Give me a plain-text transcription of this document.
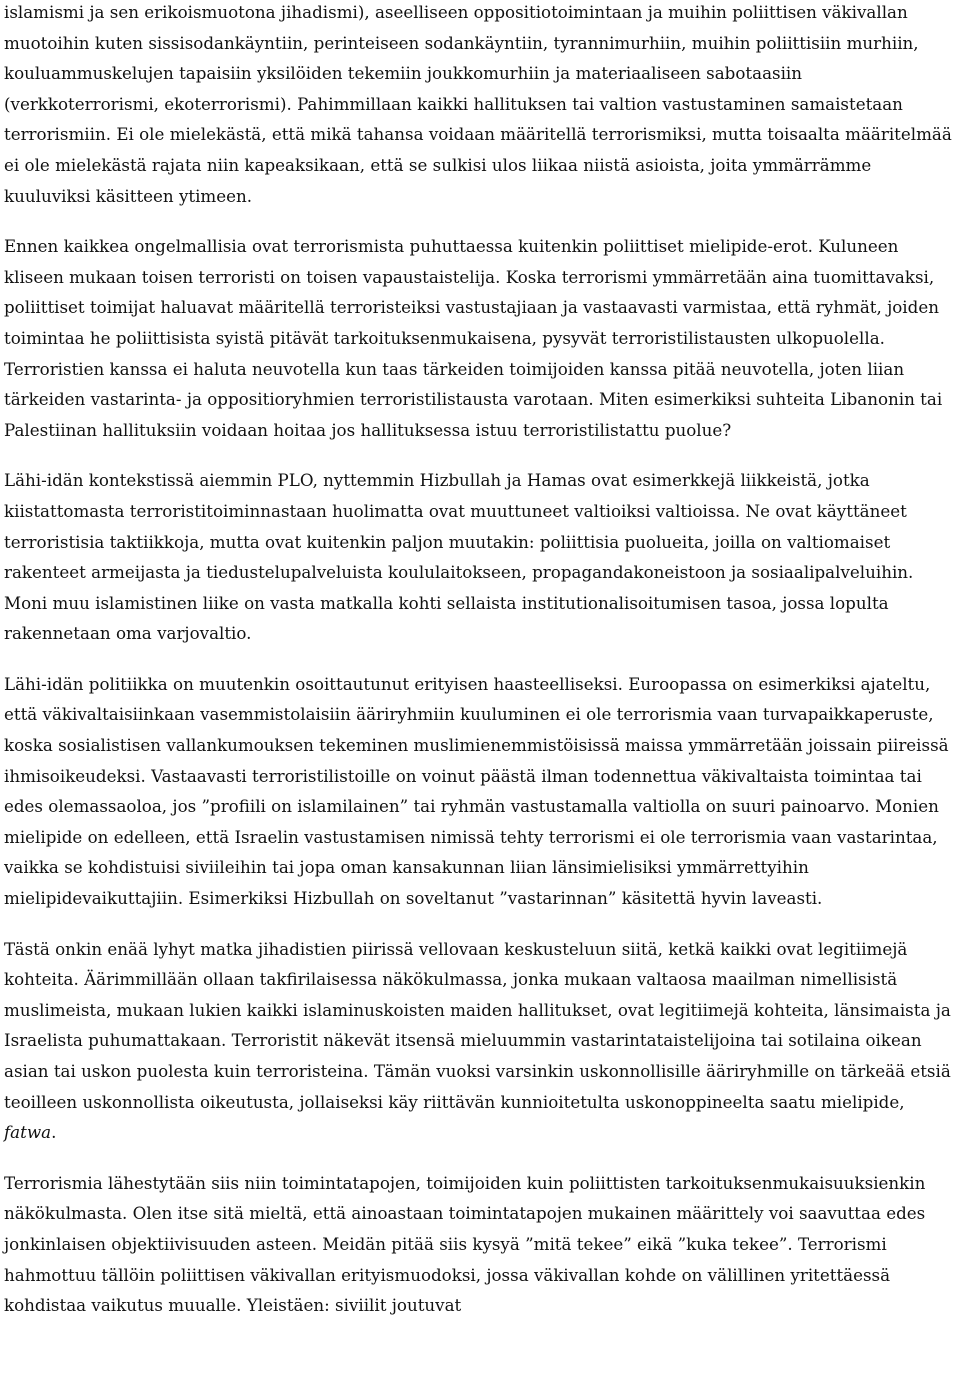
islamismi ja sen erikoismuotona jihadismi), aseelliseen oppositiotoimintaan ja muihin poliittisen väkivallan muotoihin kuten sissisodankäyntiin, perinteiseen sodankäyntiin, tyrannimurhiin, muihin poliittisiin murhiin, kouluammuskelujen tapaisiin yksilöiden tekemiin joukkomurhiin ja materiaaliseen sabotaasiin (verkkoterrorismi, ekoterrorismi). Pahimmillaan kaikki hallituksen tai valtion vastustaminen samaistetaan terrorismiin. Ei ole mielekästä, että mikä tahansa voidaan määritellä terrorismiksi, mutta toisaalta määritelmää ei ole mielekästä rajata niin kapeaksikaan, että se sulkisi ulos liikaa niistä asioista, joita ymmärrämme kuuluviksi käsitteen ytimeen.

Ennen kaikkea ongelmallisia ovat terrorismista puhuttaessa kuitenkin poliittiset mielipide-erot. Kuluneen kliseen mukaan toisen terroristi on toisen vapaustaistelija. Koska terrorismi ymmärretään aina tuomittavaksi, poliittiset toimijat haluavat määritellä terroristeiksi vastustajiaan ja vastaavasti varmistaa, että ryhmät, joiden toimintaa he poliittisista syistä pitävät tarkoituksenmukaisena, pysyvät terroristilistausten ulkopuolella. Terroristien kanssa ei haluta neuvotella kun taas tärkeiden toimijoiden kanssa pitää neuvotella, joten liian tärkeiden vastarinta- ja oppositioryhmien terroristilistausta varotaan. Miten esimerkiksi suhteita Libanonin tai Palestiinan hallituksiin voidaan hoitaa jos hallituksessa istuu terroristilistattu puolue?

Lähi-idän kontekstissä aiemmin PLO, nyttemmin Hizbullah ja Hamas ovat esimerkkejä liikkeistä, jotka kiistattomasta terroristitoiminnastaan huolimatta ovat muuttuneet valtioiksi valtioissa. Ne ovat käyttäneet terroristisia taktiikkoja, mutta ovat kuitenkin paljon muutakin: poliittisia puolueita, joilla on valtiomaiset rakenteet armeijasta ja tiedustelupalveluista koululaitokseen, propagandakoneistoon ja sosiaalipalveluihin. Moni muu islamistinen liike on vasta matkalla kohti sellaista institutionalisoitumisen tasoa, jossa lopulta rakennetaan oma varjovaltio.

Lähi-idän politiikka on muutenkin osoittautunut erityisen haasteelliseksi. Euroopassa on esimerkiksi ajateltu, että väkivaltaisiinkaan vasemmistolaisiin ääriryhmiin kuuluminen ei ole terrorismia vaan turvapaikkaperuste, koska sosialistisen vallankumouksen tekeminen muslimienemmistöisissä maissa ymmärretään joissain piireissä ihmisoikeudeksi. Vastaavasti terroristilistoille on voinut päästä ilman todennettua väkivaltaista toimintaa tai edes olemassaoloa, jos ”profiili on islamilainen” tai ryhmän vastustamalla valtiolla on suuri painoarvo. Monien mielipide on edelleen, että Israelin vastustamisen nimissä tehty terrorismi ei ole terrorismia vaan vastarintaa, vaikka se kohdistuisi siviileihin tai jopa oman kansakunnan liian länsimielisiksi ymmärrettyihin mielipidevaikuttajiin. Esimerkiksi Hizbullah on soveltanut ”vastarinnan” käsitettä hyvin laveasti.

Tästä onkin enää lyhyt matka jihadistien piirissä vellovaan keskusteluun siitä, ketkä kaikki ovat legitiimejä kohteita. Äärimmillään ollaan takfirilaisessa näkökulmassa, jonka mukaan valtaosa maailman nimellisistä muslimeista, mukaan lukien kaikki islaminuskoisten maiden hallitukset, ovat legitiimejä kohteita, länsimaista ja Israelista puhumattakaan. Terroristit näkevät itsensä mieluummin vastarintataistelijoina tai sotilaina oikean asian tai uskon puolesta kuin terroristeina. Tämän vuoksi varsinkin uskonnollisille ääriryhmille on tärkeää etsiä teoilleen uskonnollista oikeutusta, jollaiseksi käy riittävän kunnioitetulta uskonoppineelta saatu mielipide, fatwa.

Terrorismia lähestytään siis niin toimintatapojen, toimijoiden kuin poliittisten tarkoituksenmukaisuuksienkin näkökulmasta. Olen itse sitä mieltä, että ainoastaan toimintatapojen mukainen määrittely voi saavuttaa edes jonkinlaisen objektiivisuuden asteen. Meidän pitää siis kysyä ”mitä tekee” eikä ”kuka tekee”. Terrorismi hahmottuu tällöin poliittisen väkivallan erityismuodoksi, jossa väkivallan kohde on välillinen yritettäessä kohdistaa vaikutus muualle. Yleistäen: siviilit joutuvat
